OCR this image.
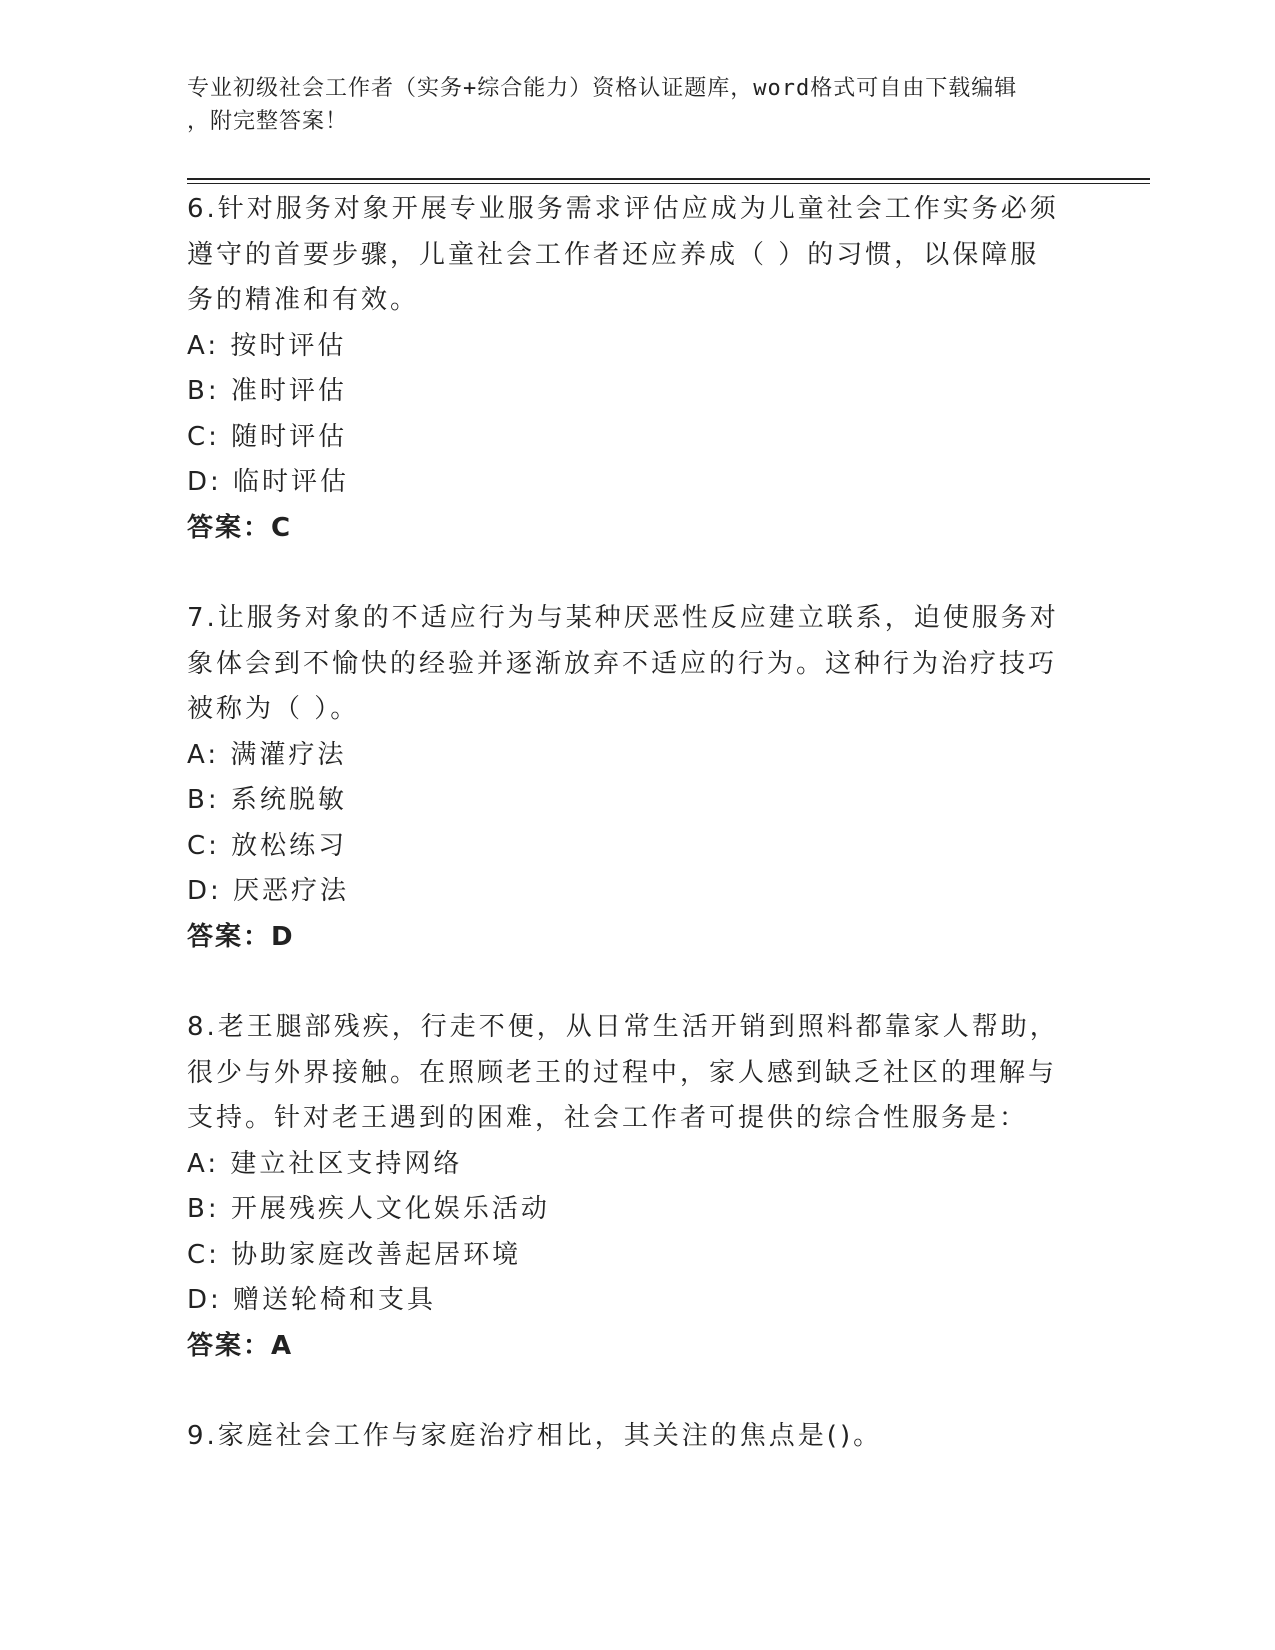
专业初级社会工作者（实务+综合能力）资格认证题库，word格式可自由下载编辑
，附完整答案！

6.针对服务对象开展专业服务需求评估应成为儿童社会工作实务必须遵守的首要步骤，儿童社会工作者还应养成（ ）的习惯，以保障服务的精准和有效。

A: 按时评估

B: 准时评估

C: 随时评估

D: 临时评估

答案：C

7.让服务对象的不适应行为与某种厌恶性反应建立联系，迫使服务对象体会到不愉快的经验并逐渐放弃不适应的行为。这种行为治疗技巧被称为（ ）。

A: 满灌疗法

B: 系统脱敏

C: 放松练习

D: 厌恶疗法

答案：D

8.老王腿部残疾，行走不便，从日常生活开销到照料都靠家人帮助，很少与外界接触。在照顾老王的过程中，家人感到缺乏社区的理解与支持。针对老王遇到的困难，社会工作者可提供的综合性服务是：

A: 建立社区支持网络

B: 开展残疾人文化娱乐活动

C: 协助家庭改善起居环境

D: 赠送轮椅和支具

答案：A

9.家庭社会工作与家庭治疗相比，其关注的焦点是()。
